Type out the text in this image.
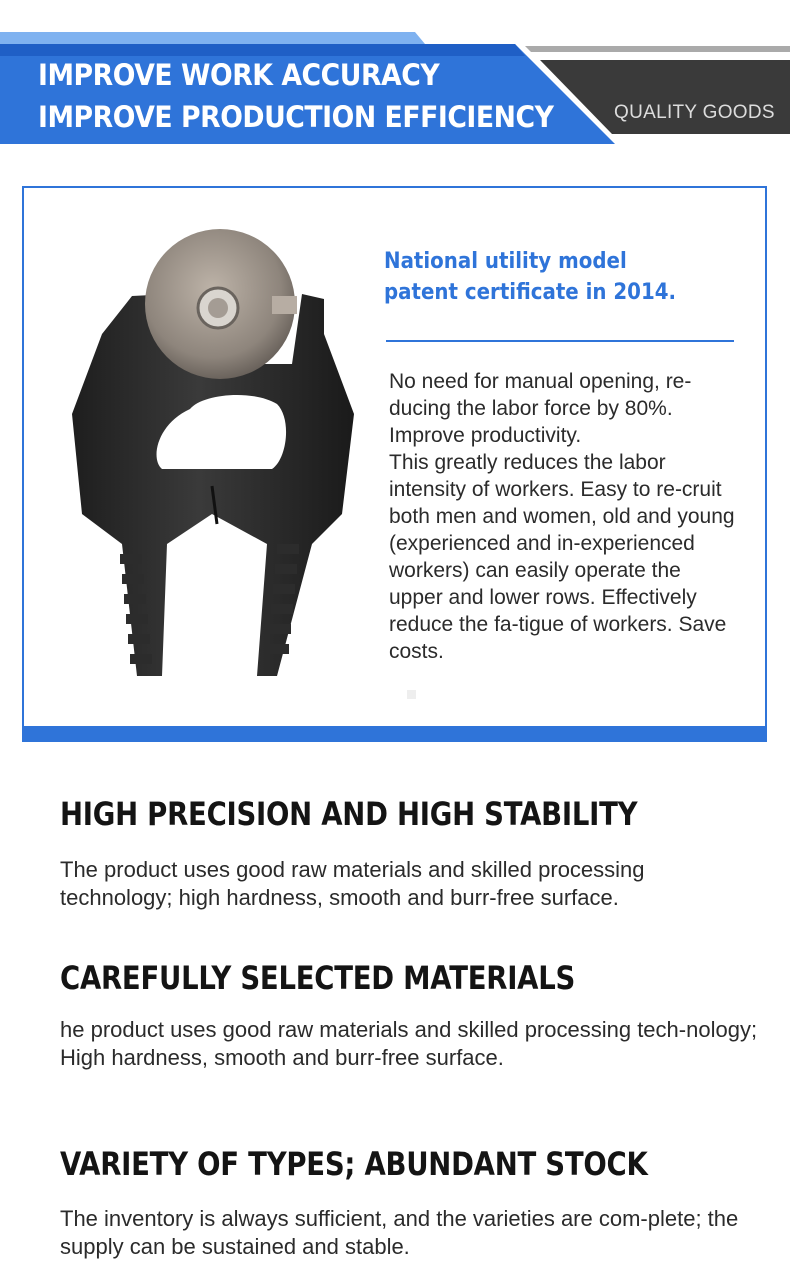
IMPROVE WORK ACCURACY
IMPROVE PRODUCTION EFFICIENCY	QUALITY GOODS
National utility model patent certificate in 2014.

No need for manual opening, re-ducing the labor force by 80%. Improve productivity.

This greatly reduces the labor intensity of workers. Easy to re-cruit both men and women, old and young (experienced and in-experienced workers) can easily operate the upper and lower rows. Effectively reduce the fa-tigue of workers. Save costs.

HIGH PRECISION AND HIGH STABILITY
The product uses good raw materials and skilled processing technology; high hardness, smooth and burr-free surface.
CAREFULLY SELECTED MATERIALS

he product uses good raw materials and skilled processing tech-nology;

High hardness, smooth and burr-free surface.

VARIETY OF TYPES; ABUNDANT STOCK
The inventory is always sufficient, and the varieties are com-plete; the supply can be sustained and stable.
